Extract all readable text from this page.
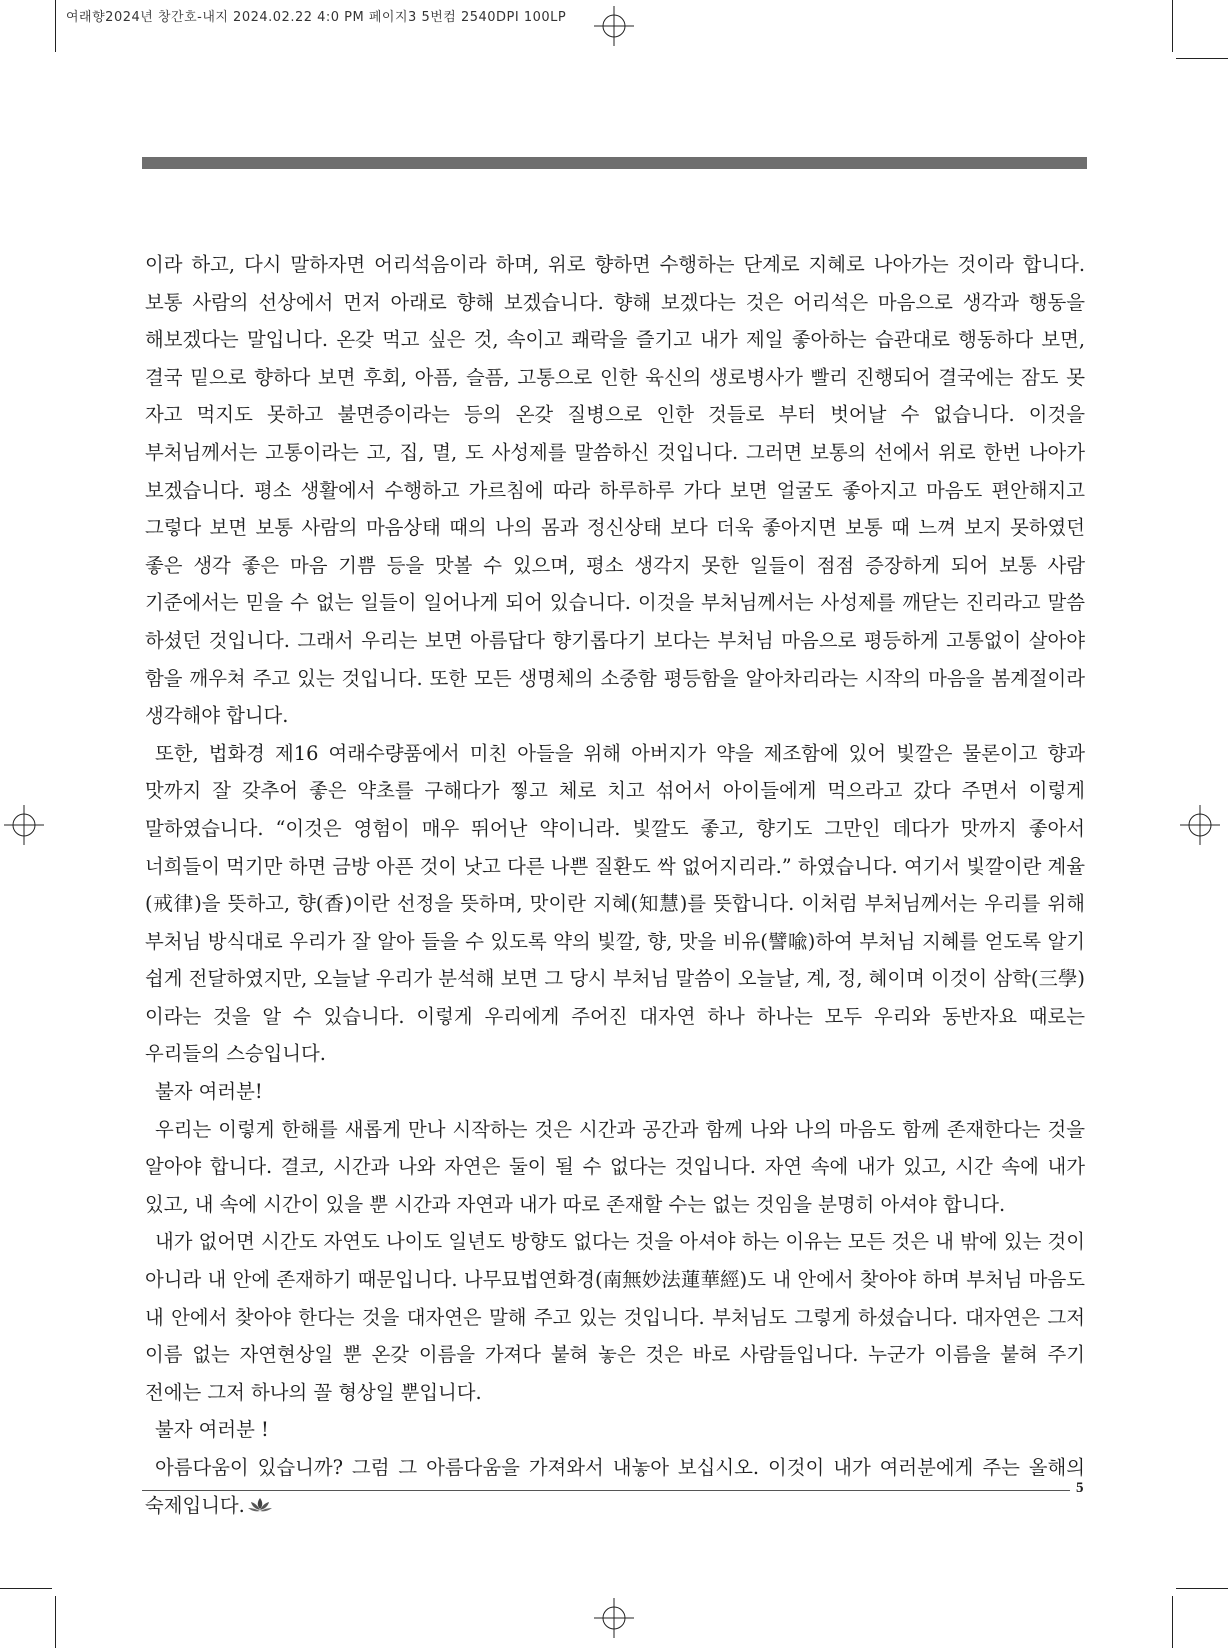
여래향2024년 창간호-내지 2024.02.22 4:0 PM 페이지3 5번컴 2540DPI 100LP

이라 하고, 다시 말하자면 어리석음이라 하며, 위로 향하면 수행하는 단계로 지혜로 나아가는 것이라 합니다. 보통 사람의 선상에서 먼저 아래로 향해 보겠습니다. 향해 보겠다는 것은 어리석은 마음으로 생각과 행동을 해보겠다는 말입니다. 온갖 먹고 싶은 것, 속이고 쾌락을 즐기고 내가 제일 좋아하는 습관대로 행동하다 보면, 결국 밑으로 향하다 보면 후회, 아픔, 슬픔, 고통으로 인한 육신의 생로병사가 빨리 진행되어 결국에는 잠도 못 자고 먹지도 못하고 불면증이라는 등의 온갖 질병으로 인한 것들로 부터 벗어날 수 없습니다. 이것을 부처님께서는 고통이라는 고, 집, 멸, 도 사성제를 말씀하신 것입니다. 그러면 보통의 선에서 위로 한번 나아가 보겠습니다. 평소 생활에서 수행하고 가르침에 따라 하루하루 가다 보면 얼굴도 좋아지고 마음도 편안해지고 그렇다 보면 보통 사람의 마음상태 때의 나의 몸과 정신상태 보다 더욱 좋아지면 보통 때 느껴 보지 못하였던 좋은 생각 좋은 마음 기쁨 등을 맛볼 수 있으며, 평소 생각지 못한 일들이 점점 증장하게 되어 보통 사람 기준에서는 믿을 수 없는 일들이 일어나게 되어 있습니다. 이것을 부처님께서는 사성제를 깨닫는 진리라고 말씀 하셨던 것입니다. 그래서 우리는 보면 아름답다 향기롭다기 보다는 부처님 마음으로 평등하게 고통없이 살아야 함을 깨우쳐 주고 있는 것입니다. 또한 모든 생명체의 소중함 평등함을 알아차리라는 시작의 마음을 봄계절이라 생각해야 합니다.

또한, 법화경 제16 여래수량품에서 미친 아들을 위해 아버지가 약을 제조함에 있어 빛깔은 물론이고 향과 맛까지 잘 갖추어 좋은 약초를 구해다가 찧고 체로 치고 섞어서 아이들에게 먹으라고 갔다 주면서 이렇게 말하였습니다. “이것은 영험이 매우 뛰어난 약이니라. 빛깔도 좋고, 향기도 그만인 데다가 맛까지 좋아서 너희들이 먹기만 하면 금방 아픈 것이 낫고 다른 나쁜 질환도 싹 없어지리라.” 하였습니다. 여기서 빛깔이란 계율(戒律)을 뜻하고, 향(香)이란 선정을 뜻하며, 맛이란 지혜(知慧)를 뜻합니다. 이처럼 부처님께서는 우리를 위해 부처님 방식대로 우리가 잘 알아 들을 수 있도록 약의 빛깔, 향, 맛을 비유(譬喩)하여 부처님 지혜를 얻도록 알기 쉽게 전달하였지만, 오늘날 우리가 분석해 보면 그 당시 부처님 말씀이 오늘날, 계, 정, 혜이며 이것이 삼학(三學)이라는 것을 알 수 있습니다. 이렇게 우리에게 주어진 대자연 하나 하나는 모두 우리와 동반자요 때로는 우리들의 스승입니다.

불자 여러분!

우리는 이렇게 한해를 새롭게 만나 시작하는 것은 시간과 공간과 함께 나와 나의 마음도 함께 존재한다는 것을 알아야 합니다. 결코, 시간과 나와 자연은 둘이 될 수 없다는 것입니다. 자연 속에 내가 있고, 시간 속에 내가 있고, 내 속에 시간이 있을 뿐 시간과 자연과 내가 따로 존재할 수는 없는 것임을 분명히 아셔야 합니다.

내가 없어면 시간도 자연도 나이도 일년도 방향도 없다는 것을 아셔야 하는 이유는 모든 것은 내 밖에 있는 것이 아니라 내 안에 존재하기 때문입니다. 나무묘법연화경(南無妙法蓮華經)도 내 안에서 찾아야 하며 부처님 마음도 내 안에서 찾아야 한다는 것을 대자연은 말해 주고 있는 것입니다. 부처님도 그렇게 하셨습니다. 대자연은 그저 이름 없는 자연현상일 뿐 온갖 이름을 가져다 붙혀 놓은 것은 바로 사람들입니다. 누군가 이름을 붙혀 주기 전에는 그저 하나의 꼴 형상일 뿐입니다.

불자 여러분 !

아름다움이 있습니까? 그럼 그 아름다움을 가져와서 내놓아 보십시오. 이것이 내가 여러분에게 주는 올해의 숙제입니다.

5
